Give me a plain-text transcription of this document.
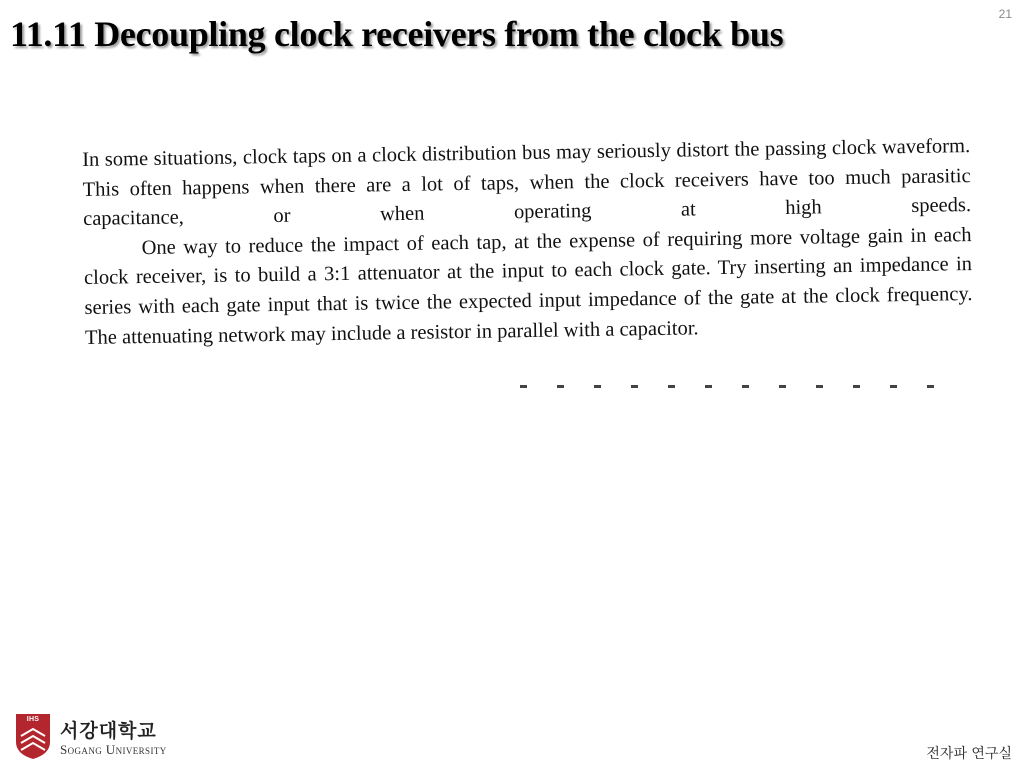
11.11 Decoupling clock receivers from the clock bus	21

In some situations, clock taps on a clock distribution bus may seriously distort the passing clock waveform. This often happens when there are a lot of taps, when the clock receivers have too much parasitic capacitance, or when operating at high speeds.

One way to reduce the impact of each tap, at the expense of requiring more voltage gain in each clock receiver, is to build a 3:1 attenuator at the input to each clock gate. Try inserting an impedance in series with each gate input that is twice the expected input impedance of the gate at the clock frequency. The attenuating network may include a resistor in parallel with a capacitor.

IHS
서강대학교
Sogang University	전자파 연구실
